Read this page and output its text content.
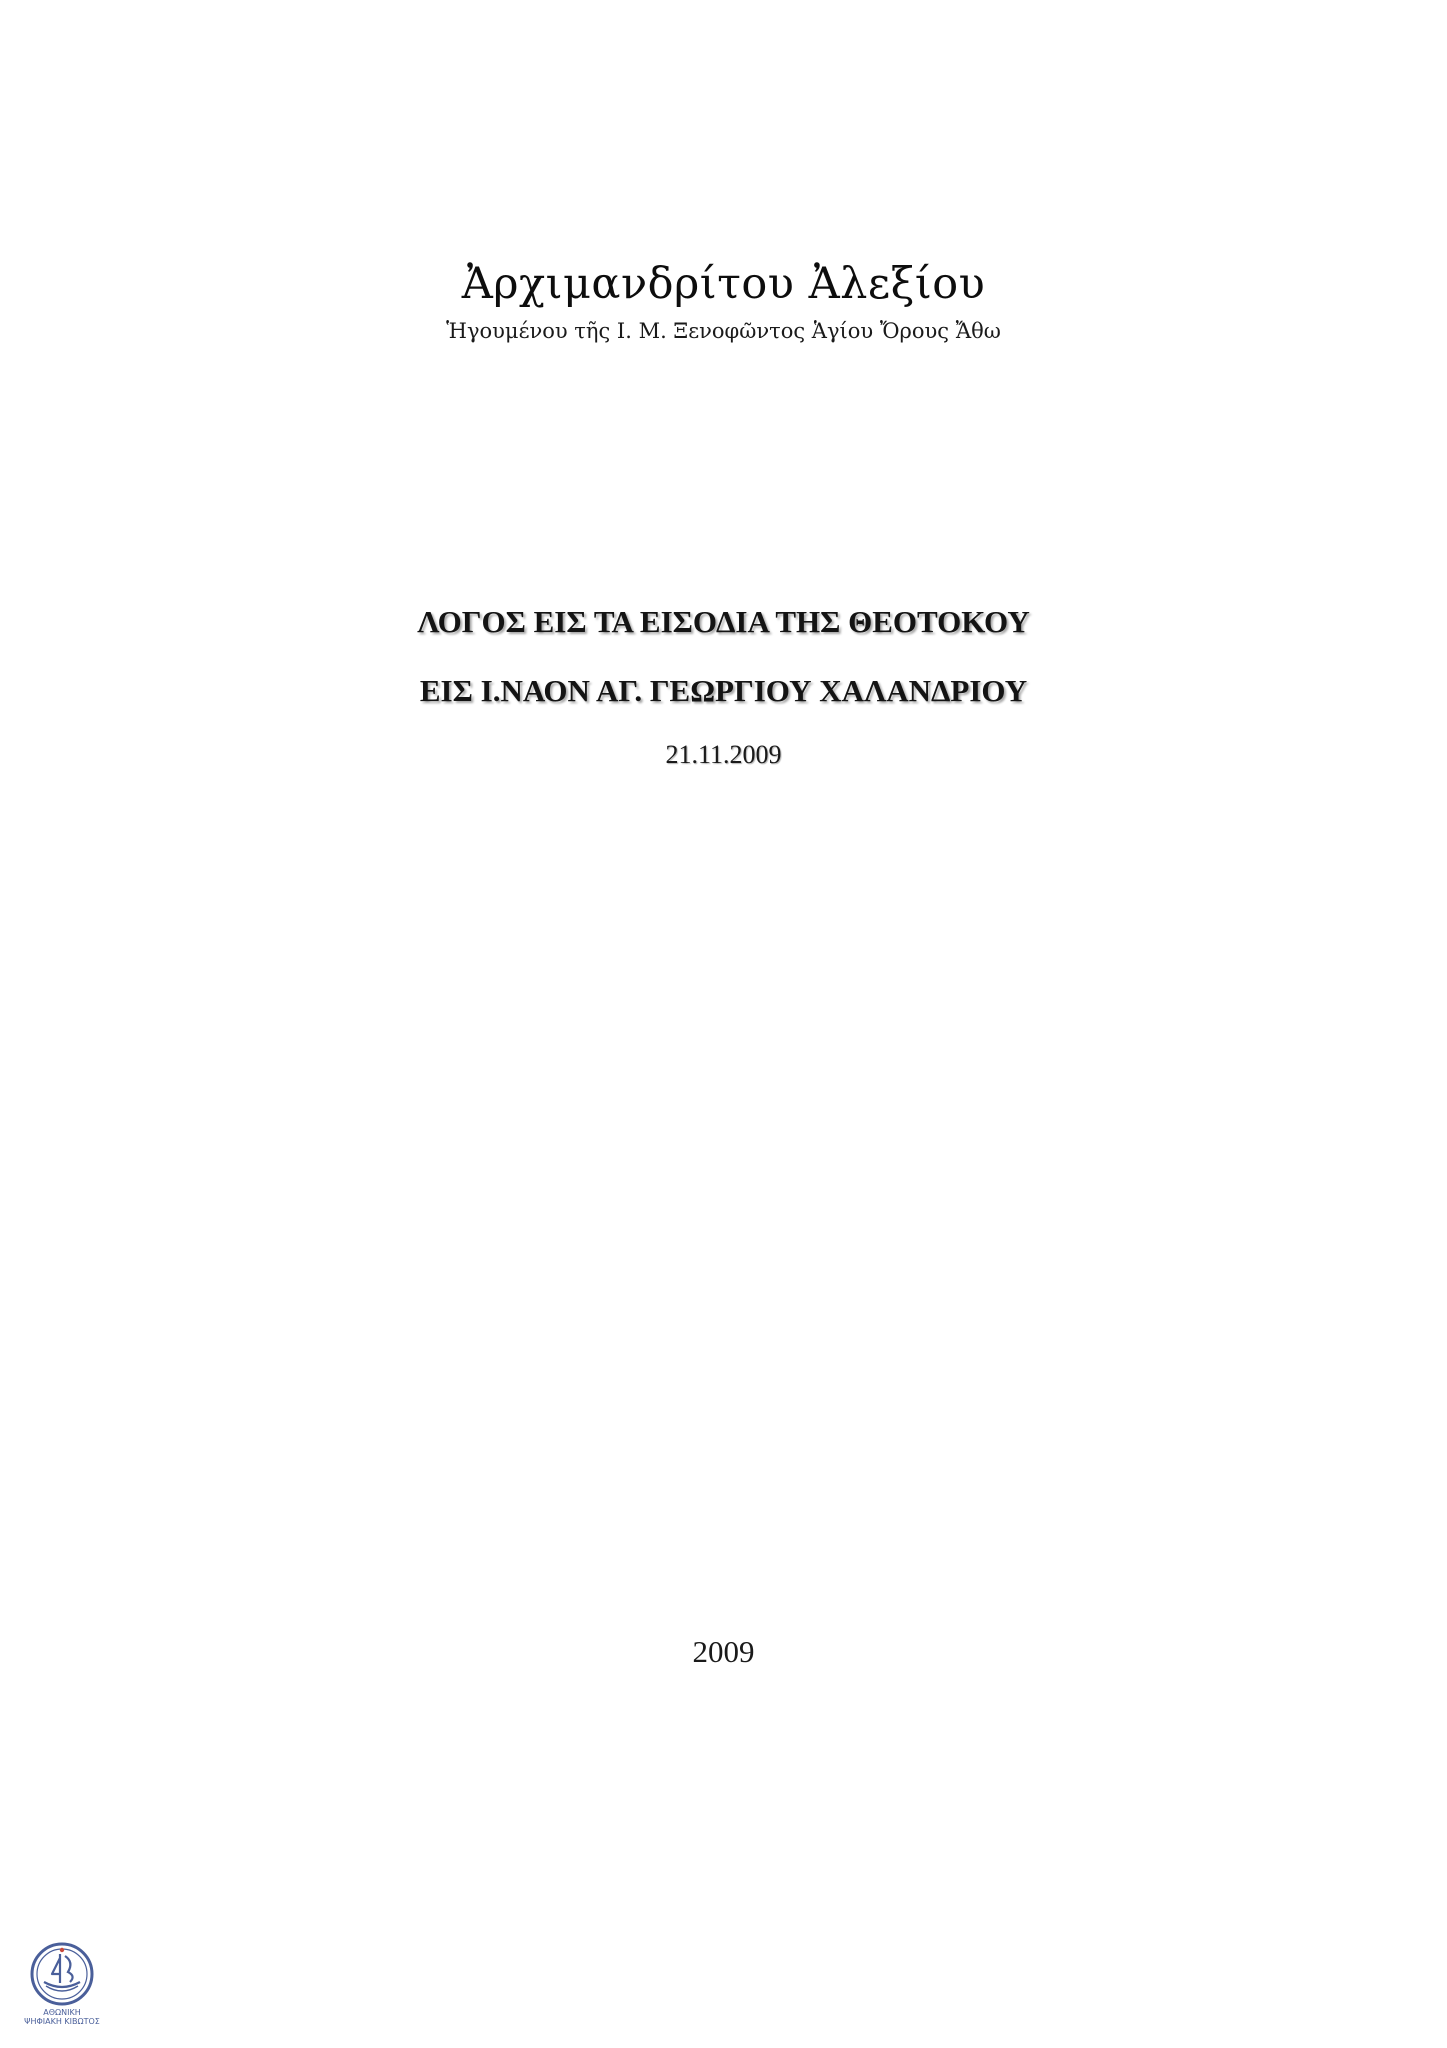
Ἀρχιμανδρίτου Ἀλεξίου
Ἡγουμένου τῆς Ι. Μ. Ξενοφῶντος Ἁγίου Ὄρους Ἄθω
ΛΟΓΟΣ ΕΙΣ ΤΑ ΕΙΣΟΔΙΑ ΤΗΣ ΘΕΟΤΟΚΟΥ
ΕΙΣ Ι.ΝΑΟΝ ΑΓ. ΓΕΩΡΓΙΟΥ ΧΑΛΑΝΔΡΙΟΥ
21.11.2009
2009
ΑΘΩΝΙΚΗ
ΨΗΦΙΑΚΗ ΚΙΒΩΤΟΣ
